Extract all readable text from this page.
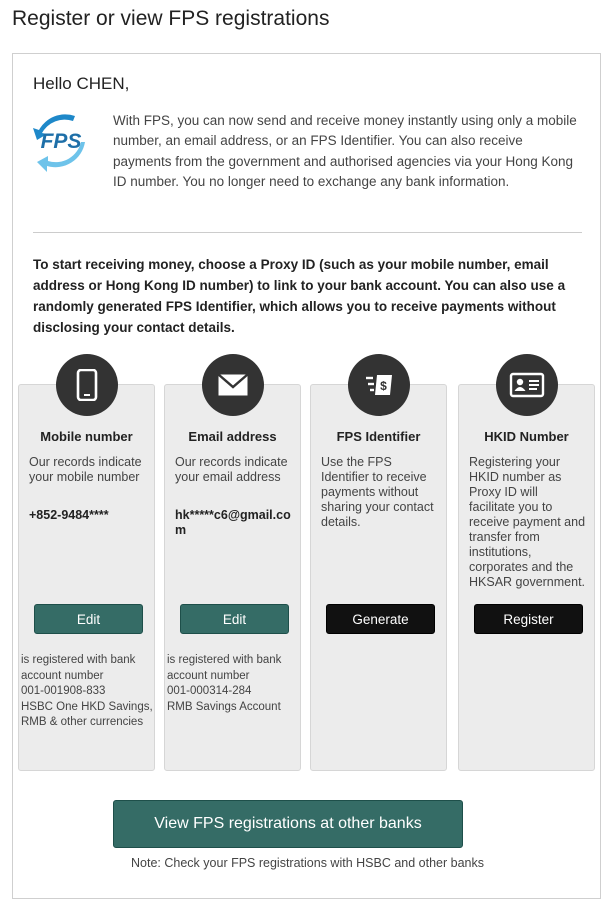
Register or view FPS registrations
Hello CHEN,
With FPS, you can now send and receive money instantly using only a mobile number, an email address, or an FPS Identifier. You can also receive payments from the government and authorised agencies via your Hong Kong ID number. You no longer need to exchange any bank information.
FPS
To start receiving money, choose a Proxy ID (such as your mobile number, email address or Hong Kong ID number) to link to your bank account. You can also use a randomly generated FPS Identifier, which allows you to receive payments without disclosing your contact details.
Mobile number
Our records indicate your mobile number
+852-9484****
Edit
is registered with bank account number
001-001908-833
HSBC One HKD Savings, RMB & other currencies
Email address
Our records indicate your email address
hk*****c6@gmail.com
Edit
is registered with bank account number
001-000314-284
RMB Savings Account
$
FPS Identifier
Use the FPS Identifier to receive payments without sharing your contact details.
Generate
HKID Number
Registering your HKID number as Proxy ID will facilitate you to receive payment and transfer from institutions, corporates and the HKSAR government.
Register
View FPS registrations at other banks
Note: Check your FPS registrations with HSBC and other banks
